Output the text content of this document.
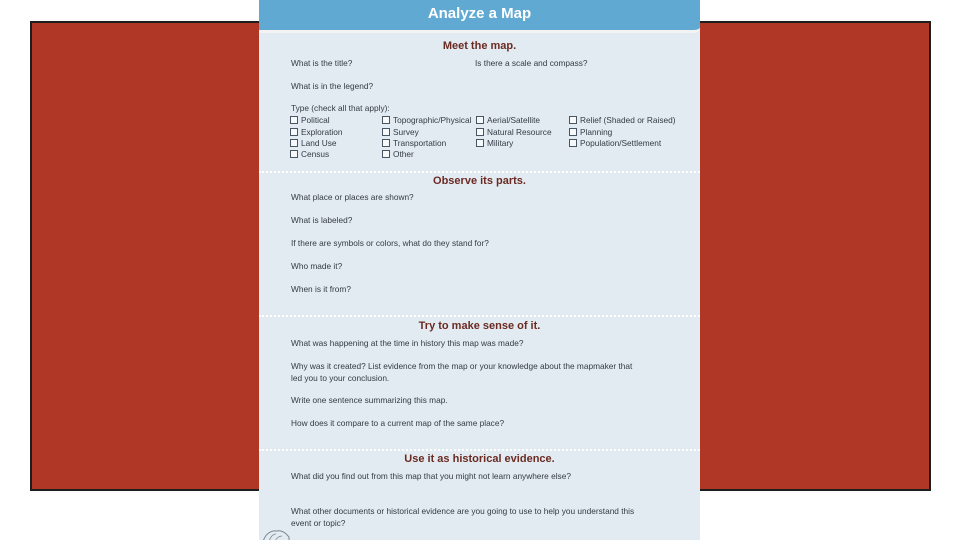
Analyze a Map
Meet the map.
What is the title?	Is there a scale and compass?
What is in the legend?
Type (check all that apply):
Political	Topographic/Physical	Aerial/Satellite	Relief (Shaded or Raised)
Exploration	Survey	Natural Resource	Planning
Land Use	Transportation	Military	Population/Settlement
Census	Other
Observe its parts.
What place or places are shown?
What is labeled?
If there are symbols or colors, what do they stand for?
Who made it?
When is it from?
Try to make sense of it.
What was happening at the time in history this map was made?
Why was it created? List evidence from the map or your knowledge about the mapmaker that
led you to your conclusion.
Write one sentence summarizing this map.
How does it compare to a current map of the same place?
Use it as historical evidence.
What did you find out from this map that you might not learn anywhere else?
What other documents or historical evidence are you going to use to help you understand this
event or topic?
